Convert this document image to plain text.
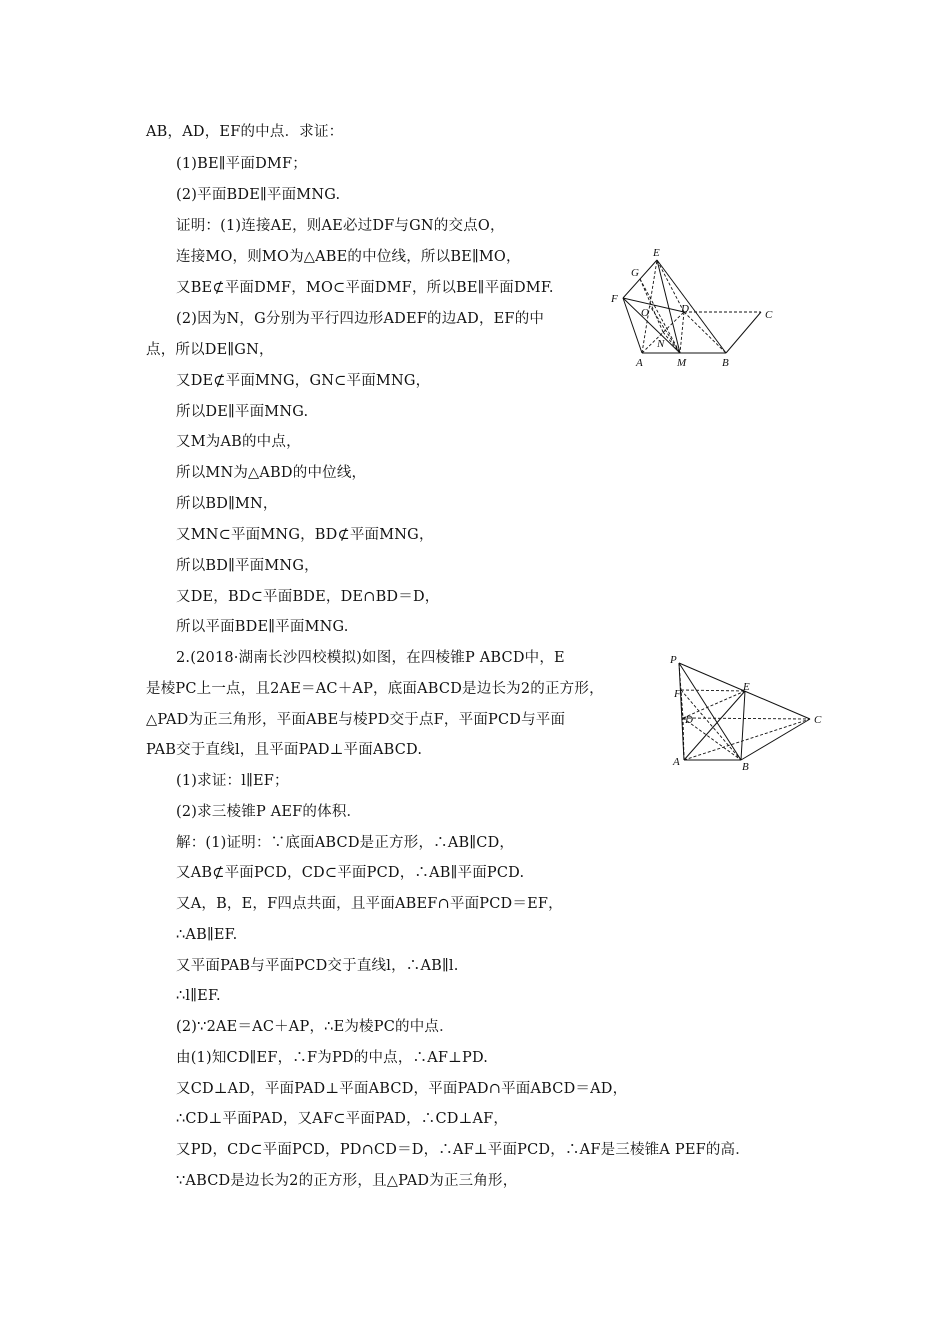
AB，AD，EF的中点．求证：
(1)BE∥平面DMF；
(2)平面BDE∥平面MNG.
证明：(1)连接AE，则AE必过DF与GN的交点O，
连接MO，则MO为△ABE的中位线，所以BE∥MO，
又BE⊄平面DMF，MO⊂平面DMF，所以BE∥平面DMF.
(2)因为N，G分别为平行四边形ADEF的边AD，EF的中
点，所以DE∥GN，
又DE⊄平面MNG，GN⊂平面MNG，
所以DE∥平面MNG.
又M为AB的中点，
所以MN为△ABD的中位线，
所以BD∥MN，
又MN⊂平面MNG，BD⊄平面MNG，
所以BD∥平面MNG，
又DE，BD⊂平面BDE，DE∩BD＝D，
所以平面BDE∥平面MNG.
2.(2018·湖南长沙四校模拟)如图，在四棱锥P ABCD中，E
是棱PC上一点，且2AE＝AC＋AP，底面ABCD是边长为2的正方形，
△PAD为正三角形，平面ABE与棱PD交于点F，平面PCD与平面
PAB交于直线l，且平面PAD⊥平面ABCD.
(1)求证：l∥EF；
(2)求三棱锥P AEF的体积．
解：(1)证明：∵底面ABCD是正方形，∴AB∥CD，
又AB⊄平面PCD，CD⊂平面PCD，∴AB∥平面PCD.
又A，B，E，F四点共面，且平面ABEF∩平面PCD＝EF，
∴AB∥EF.
又平面PAB与平面PCD交于直线l，∴AB∥l.
∴l∥EF.
(2)∵2AE＝AC＋AP，∴E为棱PC的中点．
由(1)知CD∥EF，∴F为PD的中点，∴AF⊥PD.
又CD⊥AD，平面PAD⊥平面ABCD，平面PAD∩平面ABCD＝AD，
∴CD⊥平面PAD，又AF⊂平面PAD，∴CD⊥AF，
又PD，CD⊂平面PCD，PD∩CD＝D，∴AF⊥平面PCD，∴AF是三棱锥A PEF的高．
∵ABCD是边长为2的正方形，且△PAD为正三角形，
E
G
F
O	D
N
A	M	B
C
P
F
E
D	C
A	B
